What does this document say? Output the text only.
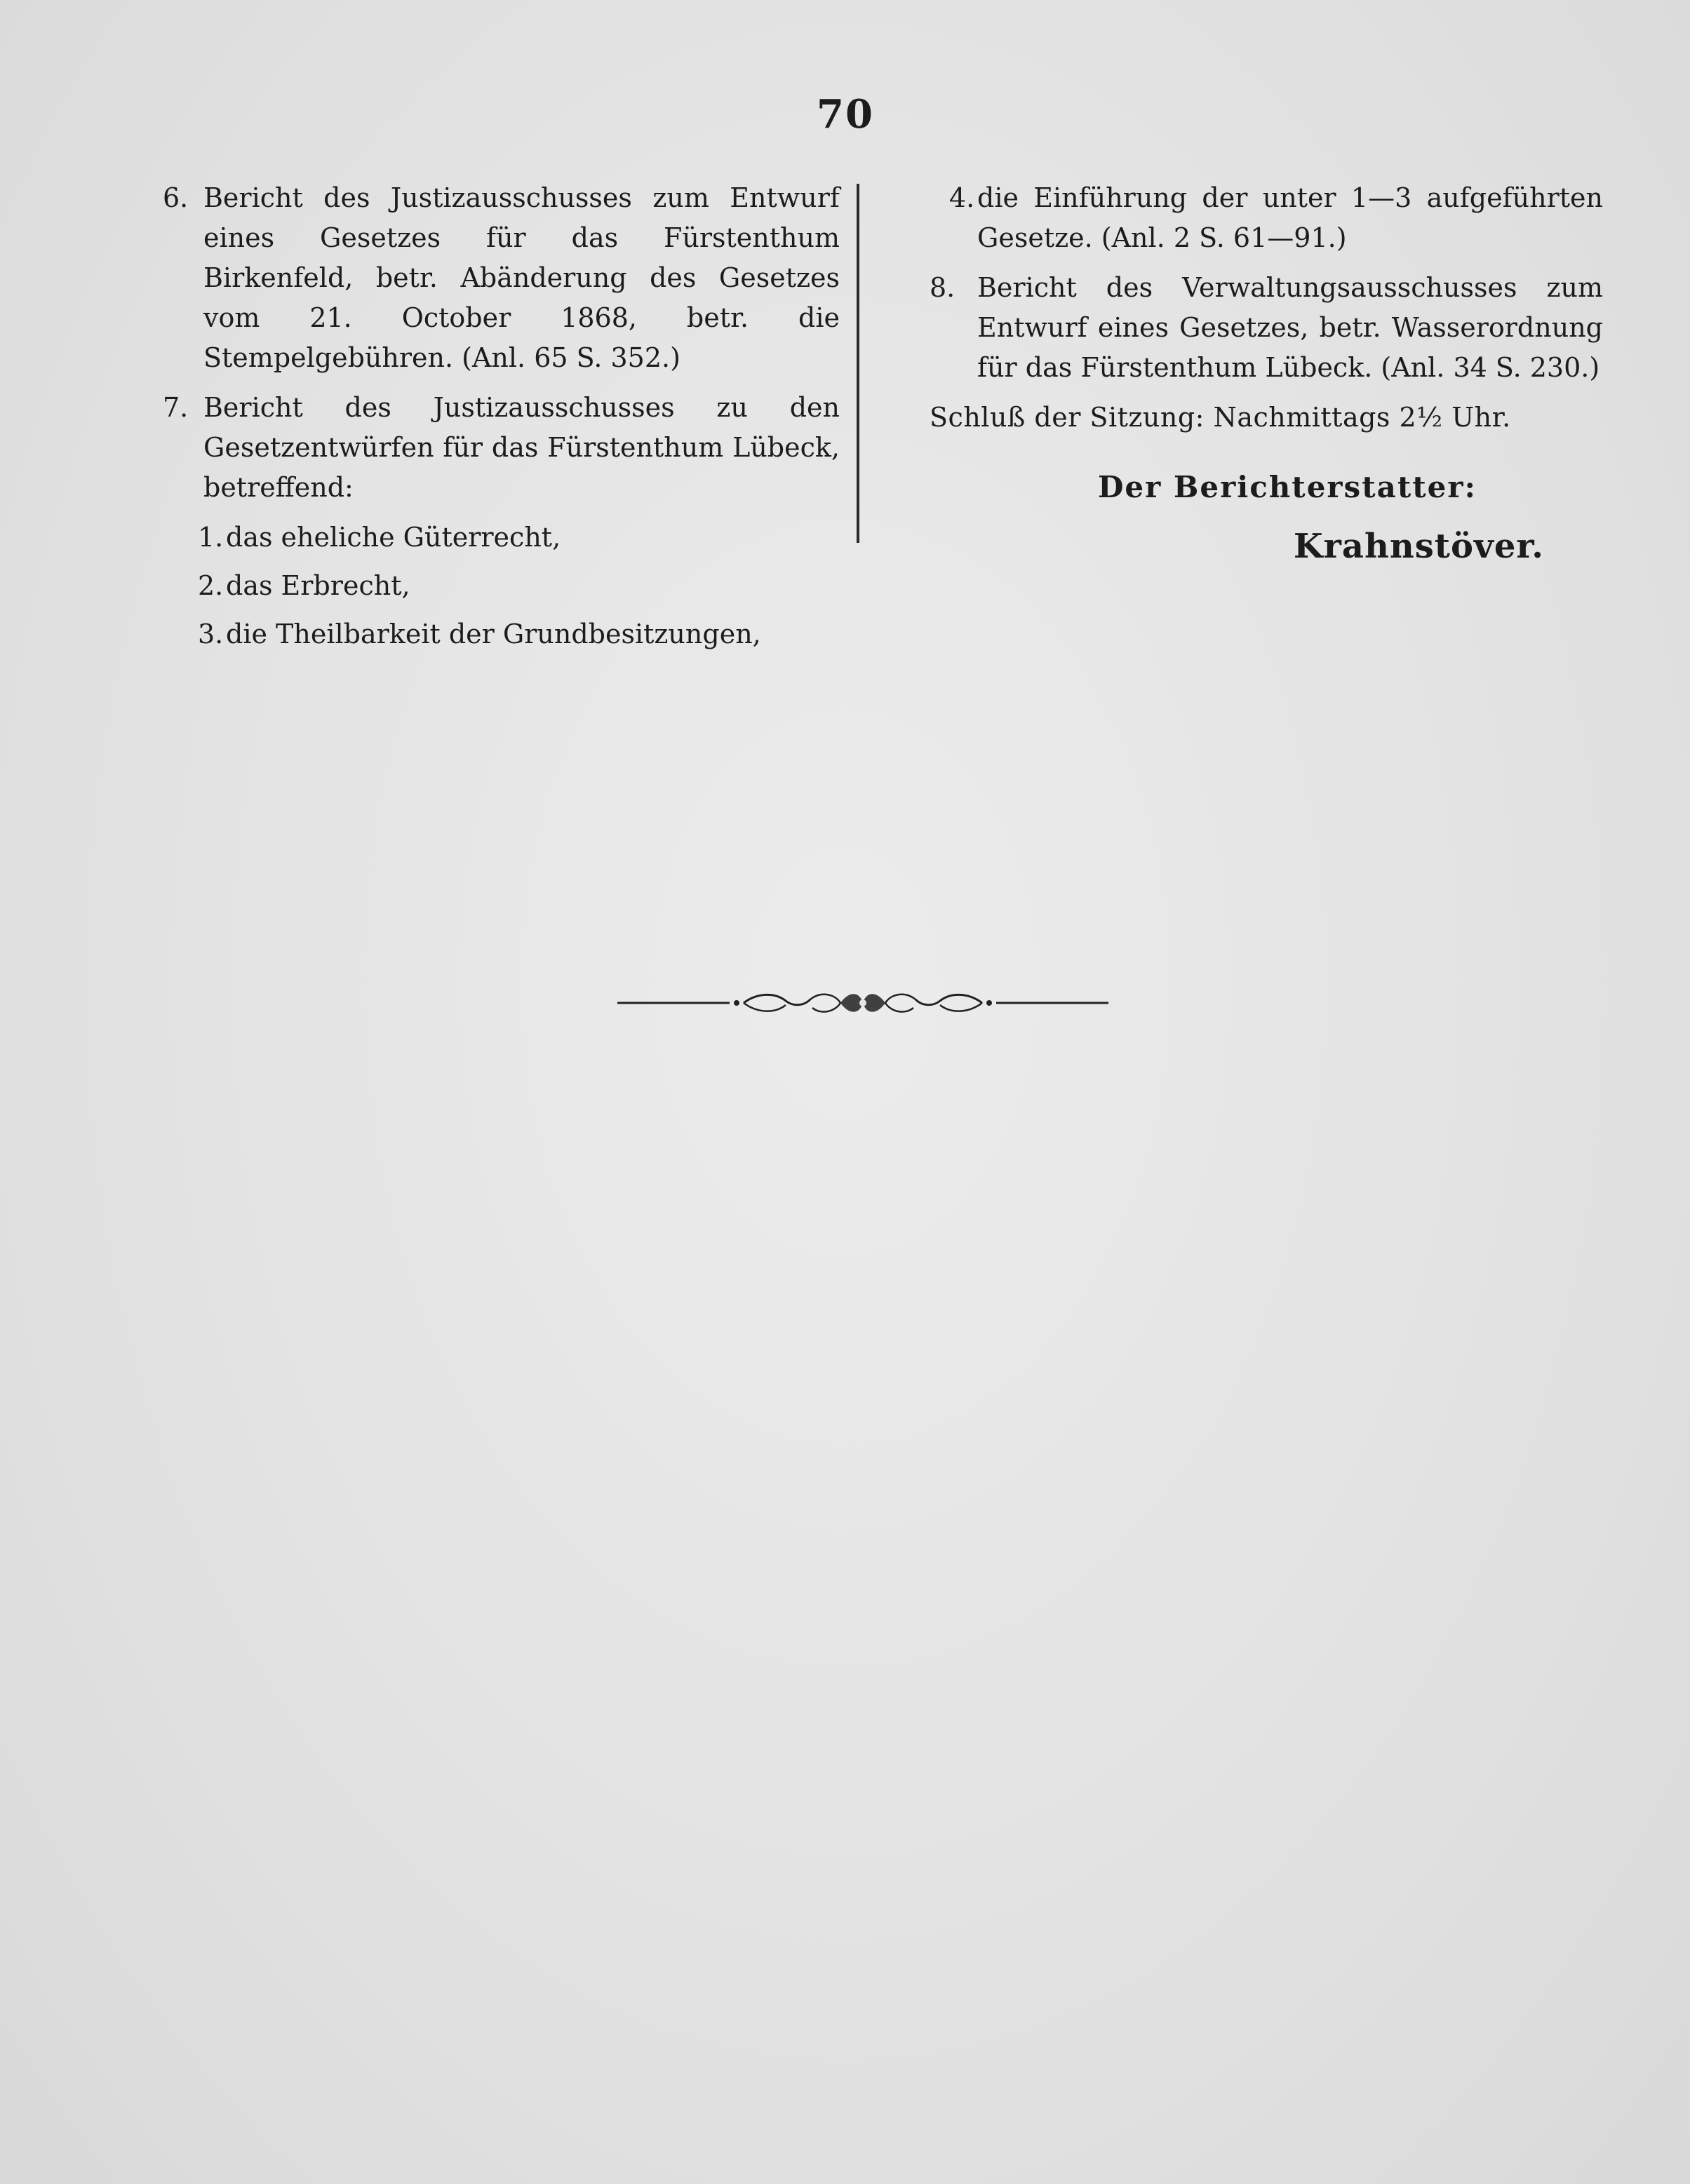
70
6. Bericht des Justizausschusses zum Entwurf eines Gesetzes für das Fürstenthum Birkenfeld, betr. Abänderung des Gesetzes vom 21. October 1868, betr. die Stempelgebühren. (Anl. 65 S. 352.)
7. Bericht des Justizausschusses zu den Gesetzentwürfen für das Fürstenthum Lübeck, betreffend:
1. das eheliche Güterrecht,
2. das Erbrecht,
3. die Theilbarkeit der Grundbesitzungen,
4. die Einführung der unter 1—3 aufgeführten Gesetze. (Anl. 2 S. 61—91.)
8. Bericht des Verwaltungsausschusses zum Entwurf eines Gesetzes, betr. Wasserordnung für das Fürstenthum Lübeck. (Anl. 34 S. 230.)
Schluß der Sitzung: Nachmittags 2½ Uhr.
Der Berichterstatter:
Krahnstöver.
